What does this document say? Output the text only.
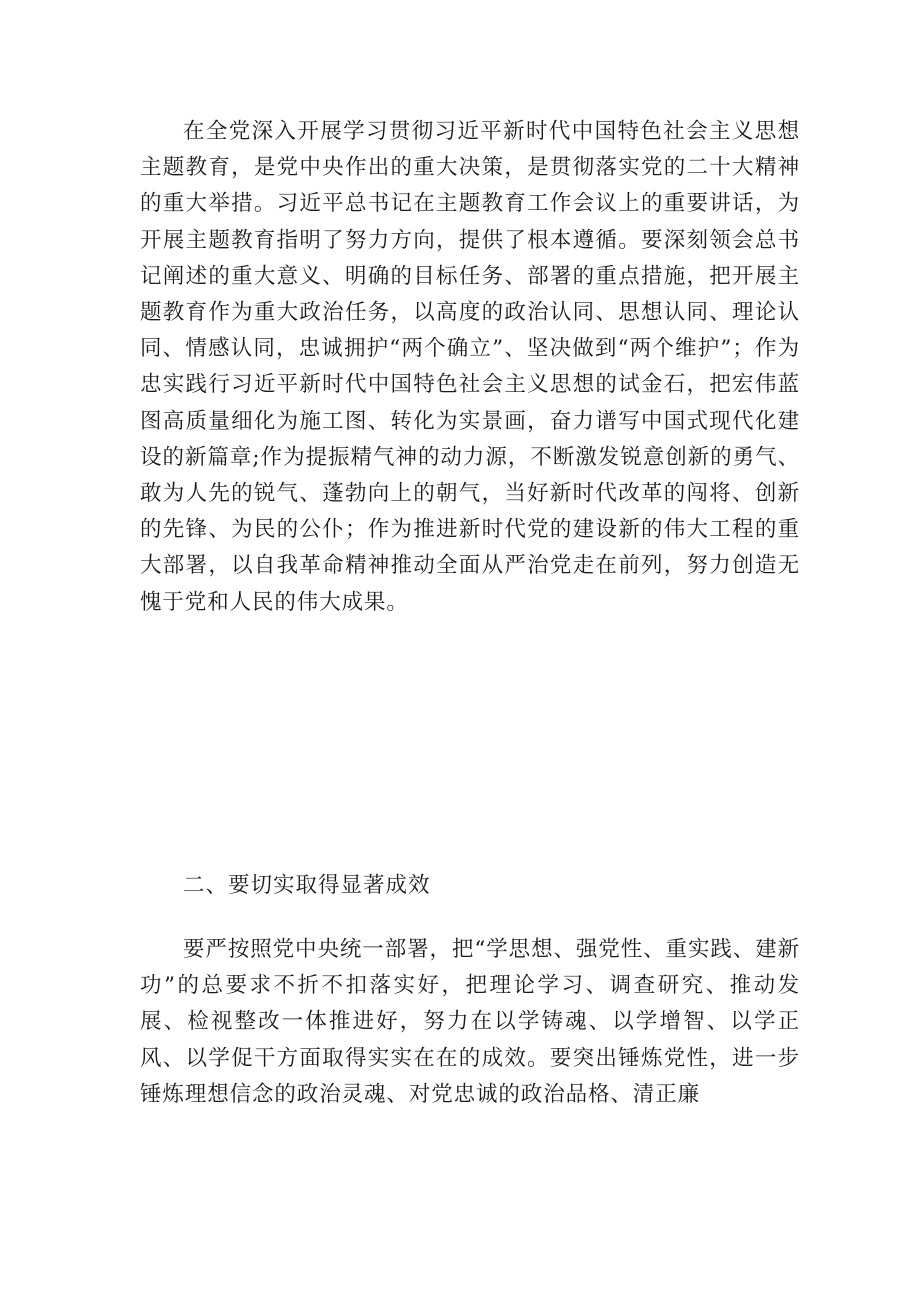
在全党深入开展学习贯彻习近平新时代中国特色社会主义思想主题教育，是党中央作出的重大决策，是贯彻落实党的二十大精神的重大举措。习近平总书记在主题教育工作会议上的重要讲话，为开展主题教育指明了努力方向，提供了根本遵循。要深刻领会总书记阐述的重大意义、明确的目标任务、部署的重点措施，把开展主题教育作为重大政治任务，以高度的政治认同、思想认同、理论认同、情感认同，忠诚拥护“两个确立”、坚决做到“两个维护”；作为忠实践行习近平新时代中国特色社会主义思想的试金石，把宏伟蓝图高质量细化为施工图、转化为实景画，奋力谱写中国式现代化建设的新篇章;作为提振精气神的动力源，不断激发锐意创新的勇气、敢为人先的锐气、蓬勃向上的朝气，当好新时代改革的闯将、创新的先锋、为民的公仆；作为推进新时代党的建设新的伟大工程的重大部署，以自我革命精神推动全面从严治党走在前列，努力创造无愧于党和人民的伟大成果。

二、要切实取得显著成效

要严按照党中央统一部署，把“学思想、强党性、重实践、建新功”的总要求不折不扣落实好，把理论学习、调查研究、推动发展、检视整改一体推进好，努力在以学铸魂、以学增智、以学正风、以学促干方面取得实实在在的成效。要突出锤炼党性，进一步锤炼理想信念的政治灵魂、对党忠诚的政治品格、清正廉
